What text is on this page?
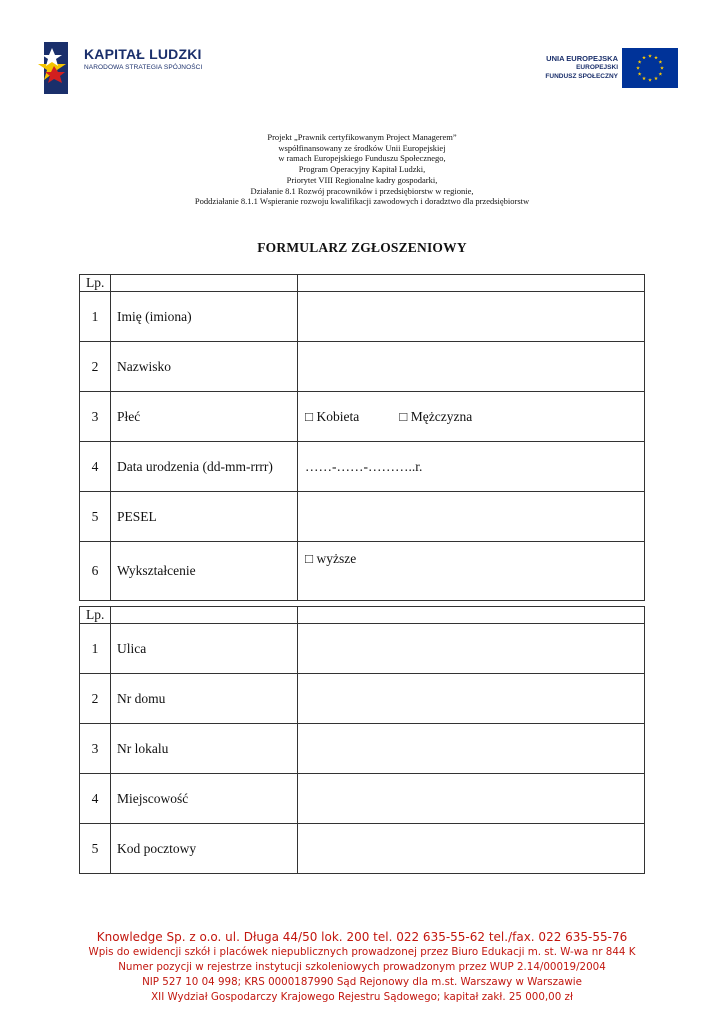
KAPITAŁ LUDZKI
NARODOWA STRATEGIA SPÓJNOŚCI
UNIA EUROPEJSKA
EUROPEJSKI
FUNDUSZ SPOŁECZNY
Projekt „Prawnik certyfikowanym Project Managerem”
współfinansowany ze środków Unii Europejskiej
w ramach Europejskiego Funduszu Społecznego,
Program Operacyjny Kapitał Ludzki,
Priorytet VIII Regionalne kadry gospodarki,
Działanie 8.1 Rozwój pracowników i przedsiębiorstw w regionie,
Poddziałanie 8.1.1 Wspieranie rozwoju kwalifikacji zawodowych i doradztwo dla przedsiębiorstw
FORMULARZ ZGŁOSZENIOWY
Lp.		
1	Imię (imiona)	
2	Nazwisko	
3	Płeć	□ Kobieta □ Mężczyzna
4	Data urodzenia (dd-mm-rrrr)	……-……-………..r.
5	PESEL	
6	Wykształcenie	□ wyższe
Lp.		
1	Ulica	
2	Nr domu	
3	Nr lokalu	
4	Miejscowość	
5	Kod pocztowy	
Knowledge Sp. z o.o. ul. Długa 44/50 lok. 200 tel. 022 635-55-62 tel./fax. 022 635-55-76
Wpis do ewidencji szkół i placówek niepublicznych prowadzonej przez Biuro Edukacji m. st. W-wa nr 844 K
Numer pozycji w rejestrze instytucji szkoleniowych prowadzonym przez WUP 2.14/00019/2004
NIP 527 10 04 998; KRS 0000187990 Sąd Rejonowy dla m.st. Warszawy w Warszawie
XII Wydział Gospodarczy Krajowego Rejestru Sądowego; kapitał zakł. 25 000,00 zł
